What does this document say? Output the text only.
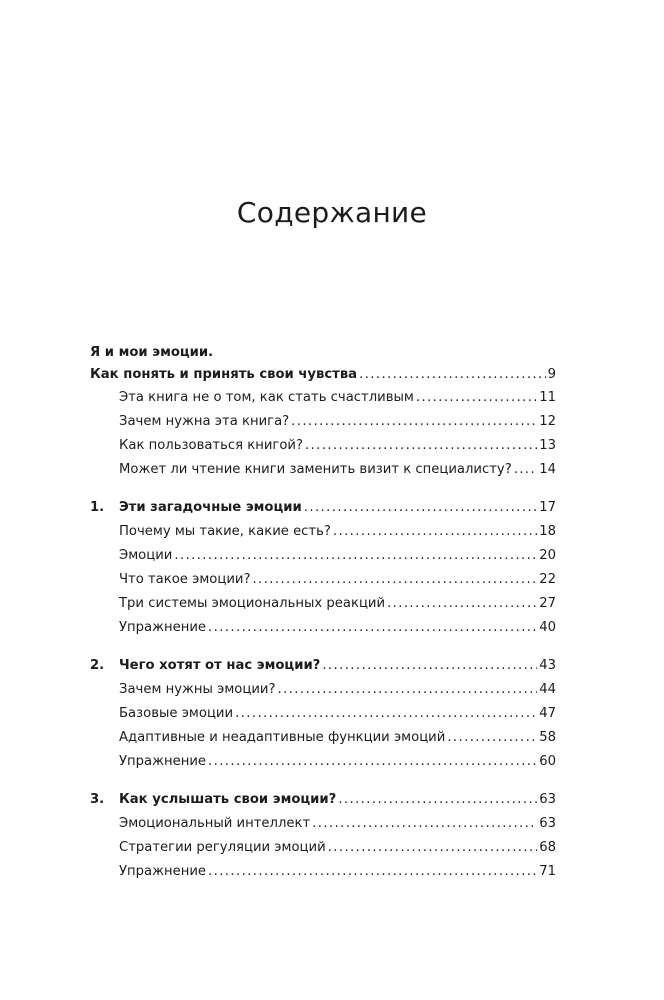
Содержание
Я и мои эмоции.
Как понять и принять свои чувства .....	9
Эта книга не о том, как стать счастливым .....	11
Зачем нужна эта книга? .....	12
Как пользоваться книгой? .....	13
Может ли чтение книги заменить визит к специалисту? ..... 14
1.	Эти загадочные эмоции .....	17
Почему мы такие, какие есть? .....	18
Эмоции .....	20
Что такое эмоции? .....	22
Три системы эмоциональных реакций .....	27
Упражнение .....	40
2.	Чего хотят от нас эмоции? .....	43
Зачем нужны эмоции? .....	44
Базовые эмоции .....	47
Адаптивные и неадаптивные функции эмоций .....	58
Упражнение .....	60
3.	Как услышать свои эмоции? .....	63
Эмоциональный интеллект .....	63
Стратегии регуляции эмоций .....	68
Упражнение .....	71
